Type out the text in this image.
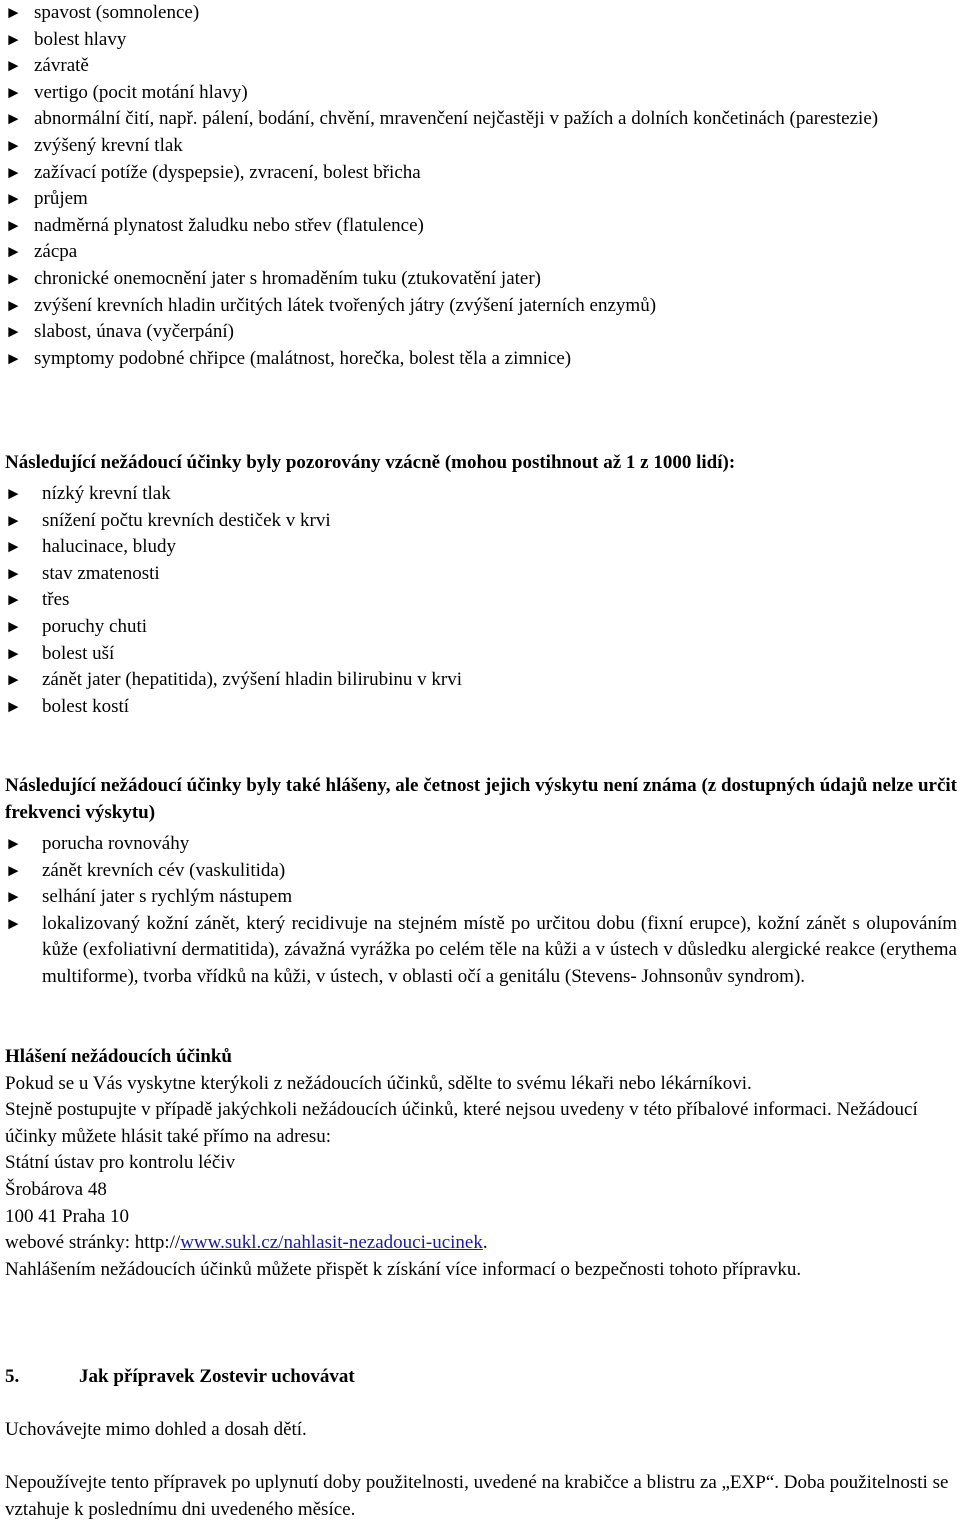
► spavost (somnolence)
► bolest hlavy
► závratě
► vertigo (pocit motání hlavy)
► abnormální čití, např. pálení, bodání, chvění, mravenčení nejčastěji v pažích a dolních končetinách (parestezie)
► zvýšený krevní tlak
► zažívací potíže (dyspepsie), zvracení, bolest břicha
► průjem
► nadměrná plynatost žaludku nebo střev (flatulence)
► zácpa
► chronické onemocnění jater s hromaděním tuku (ztukovatění jater)
► zvýšení krevních hladin určitých látek tvořených játry (zvýšení jaterních enzymů)
► slabost, únava (vyčerpání)
► symptomy podobné chřipce (malátnost, horečka, bolest těla a zimnice)
Následující nežádoucí účinky byly pozorovány vzácně (mohou postihnout až 1 z 1000 lidí):
►	nízký krevní tlak
►	snížení počtu krevních destiček v krvi
►	halucinace, bludy
►	stav zmatenosti
►	třes
►	poruchy chuti
►	bolest uší
►	zánět jater (hepatitida), zvýšení hladin bilirubinu v krvi
►	bolest kostí
Následující nežádoucí účinky byly také hlášeny, ale četnost jejich výskytu není známa (z dostupných údajů nelze určit frekvenci výskytu)
►	porucha rovnováhy
►	zánět krevních cév (vaskulitida)
►	selhání jater s rychlým nástupem
►	lokalizovaný kožní zánět, který recidivuje na stejném místě po určitou dobu (fixní erupce), kožní zánět s olupováním kůže (exfoliativní dermatitida), závažná vyrážka po celém těle na kůži a v ústech v důsledku alergické reakce (erythema multiforme), tvorba vřídků na kůži, v ústech, v oblasti očí a genitálu (Stevens- Johnsonův syndrom).
Hlášení nežádoucích účinků
Pokud se u Vás vyskytne kterýkoli z nežádoucích účinků, sdělte to svému lékaři nebo lékárníkovi.
Stejně postupujte v případě jakýchkoli nežádoucích účinků, které nejsou uvedeny v této příbalové informaci. Nežádoucí účinky můžete hlásit také přímo na adresu:
Státní ústav pro kontrolu léčiv
Šrobárova 48
100 41 Praha 10
webové stránky: http://www.sukl.cz/nahlasit-nezadouci-ucinek.
Nahlášením nežádoucích účinků můžete přispět k získání více informací o bezpečnosti tohoto přípravku.
5.	Jak přípravek Zostevir uchovávat
Uchovávejte mimo dohled a dosah dětí.
Nepoužívejte tento přípravek po uplynutí doby použitelnosti, uvedené na krabičce a blistru za „EXP“. Doba použitelnosti se vztahuje k poslednímu dni uvedeného měsíce.
